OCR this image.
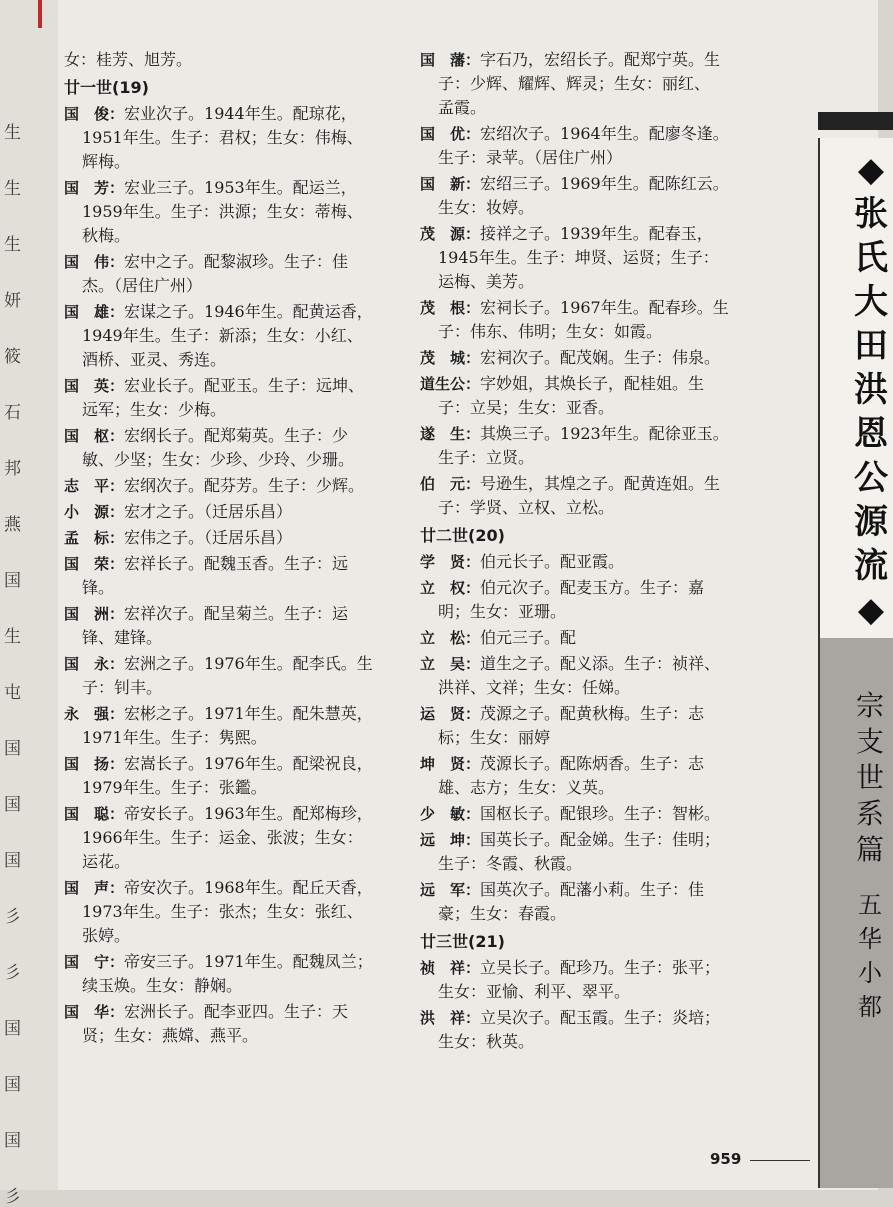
生
生
生
妍
筱
石
邦
燕
国
生
屯
国
国
国
彡
彡
国
国
国
彡
女：桂芳、旭芳。
廿一世(19)
国　俊：宏业次子。1944年生。配琼花，
1951年生。生子：君权；生女：伟梅、
辉梅。
国　芳：宏业三子。1953年生。配运兰，
1959年生。生子：洪源；生女：蒂梅、
秋梅。
国　伟：宏中之子。配黎淑珍。生子：佳
杰。（居住广州）
国　雄：宏谋之子。1946年生。配黄运香，
1949年生。生子：新添；生女：小红、
酒桥、亚灵、秀连。
国　英：宏业长子。配亚玉。生子：远坤、
远军；生女：少梅。
国　枢：宏纲长子。配郑菊英。生子：少
敏、少坚；生女：少珍、少玲、少珊。
志　平：宏纲次子。配芬芳。生子：少辉。
小　源：宏才之子。（迁居乐昌）
孟　标：宏伟之子。（迁居乐昌）
国　荣：宏祥长子。配魏玉香。生子：远
锋。
国　洲：宏祥次子。配呈菊兰。生子：运
锋、建锋。
国　永：宏洲之子。1976年生。配李氏。生
子：钊丰。
永　强：宏彬之子。1971年生。配朱慧英，
1971年生。生子：隽熙。
国　扬：宏嵩长子。1976年生。配梁祝良，
1979年生。生子：张鑑。
国　聪：帝安长子。1963年生。配郑梅珍，
1966年生。生子：运金、张波；生女：
运花。
国　声：帝安次子。1968年生。配丘天香，
1973年生。生子：张杰；生女：张红、
张婷。
国　宁：帝安三子。1971年生。配魏凤兰；
续玉焕。生女：静娴。
国　华：宏洲长子。配李亚四。生子：天
贤；生女：燕嫦、燕平。
国　藩：字石乃，宏绍长子。配郑宁英。生
子：少辉、耀辉、辉灵；生女：丽红、
孟霞。
国　优：宏绍次子。1964年生。配廖冬逢。
生子：录苹。（居住广州）
国　新：宏绍三子。1969年生。配陈红云。
生女：妆婷。
茂　源：接祥之子。1939年生。配春玉，
1945年生。生子：坤贤、运贤；生子：
运梅、美芳。
茂　根：宏祠长子。1967年生。配春珍。生
子：伟东、伟明；生女：如霞。
茂　城：宏祠次子。配茂娴。生子：伟泉。
道生公：字妙姐，其焕长子，配桂姐。生
子：立吴；生女：亚香。
遂　生：其焕三子。1923年生。配徐亚玉。
生子：立贤。
伯　元：号逊生，其煌之子。配黄连姐。生
子：学贤、立权、立松。
廿二世(20)
学　贤：伯元长子。配亚霞。
立　权：伯元次子。配麦玉方。生子：嘉
明；生女：亚珊。
立　松：伯元三子。配
立　吴：道生之子。配义添。生子：祯祥、
洪祥、文祥；生女：任娣。
运　贤：茂源之子。配黄秋梅。生子：志
标；生女：丽婷
坤　贤：茂源长子。配陈炳香。生子：志
雄、志方；生女：义英。
少　敏：国枢长子。配银珍。生子：智彬。
远　坤：国英长子。配金娣。生子：佳明；
生子：冬霞、秋霞。
远　军：国英次子。配藩小莉。生子：佳
豪；生女：春霞。
廿三世(21)
祯　祥：立吴长子。配珍乃。生子：张平；
生女：亚愉、利平、翠平。
洪　祥：立吴次子。配玉霞。生子：炎培；
生女：秋英。
◆
张
氏
大
田
洪
恩
公
源
流
◆
宗
支
世
系
篇
五
华
小
都
959
